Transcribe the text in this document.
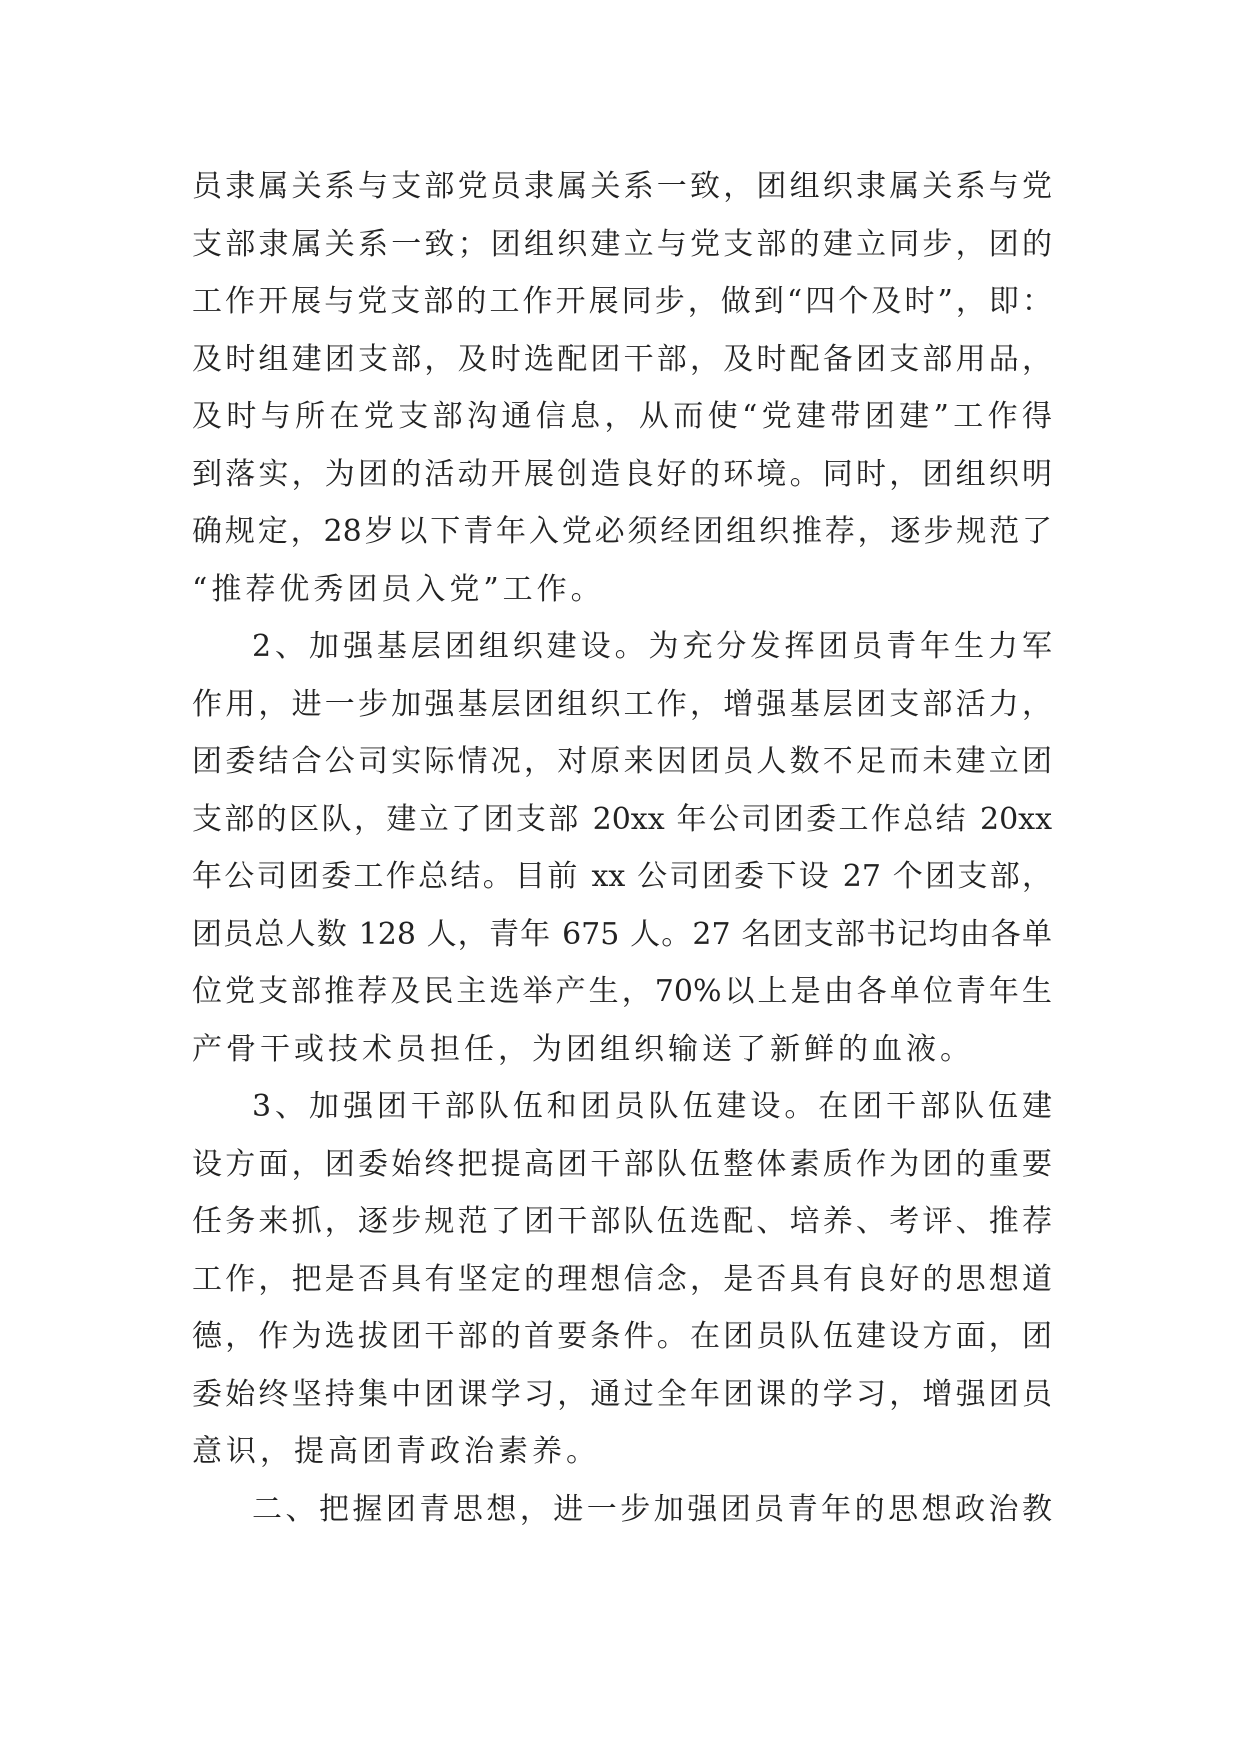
员隶属关系与支部党员隶属关系一致，团组织隶属关系与党
支部隶属关系一致；团组织建立与党支部的建立同步，团的
工作开展与党支部的工作开展同步，做到“四个及时”，即：
及时组建团支部，及时选配团干部，及时配备团支部用品，
及时与所在党支部沟通信息，从而使“党建带团建”工作得
到落实，为团的活动开展创造良好的环境。同时，团组织明
确规定，28岁以下青年入党必须经团组织推荐，逐步规范了
“推荐优秀团员入党”工作。
2、加强基层团组织建设。为充分发挥团员青年生力军
作用，进一步加强基层团组织工作，增强基层团支部活力，
团委结合公司实际情况，对原来因团员人数不足而未建立团
支部的区队，建立了团支部 20xx 年公司团委工作总结 20xx
年公司团委工作总结。目前 xx 公司团委下设 27 个团支部，
团员总人数 128 人，青年 675 人。27 名团支部书记均由各单
位党支部推荐及民主选举产生，70%以上是由各单位青年生
产骨干或技术员担任，为团组织输送了新鲜的血液。
3、加强团干部队伍和团员队伍建设。在团干部队伍建
设方面，团委始终把提高团干部队伍整体素质作为团的重要
任务来抓，逐步规范了团干部队伍选配、培养、考评、推荐
工作，把是否具有坚定的理想信念，是否具有良好的思想道
德，作为选拔团干部的首要条件。在团员队伍建设方面，团
委始终坚持集中团课学习，通过全年团课的学习，增强团员
意识，提高团青政治素养。
二、把握团青思想，进一步加强团员青年的思想政治教
